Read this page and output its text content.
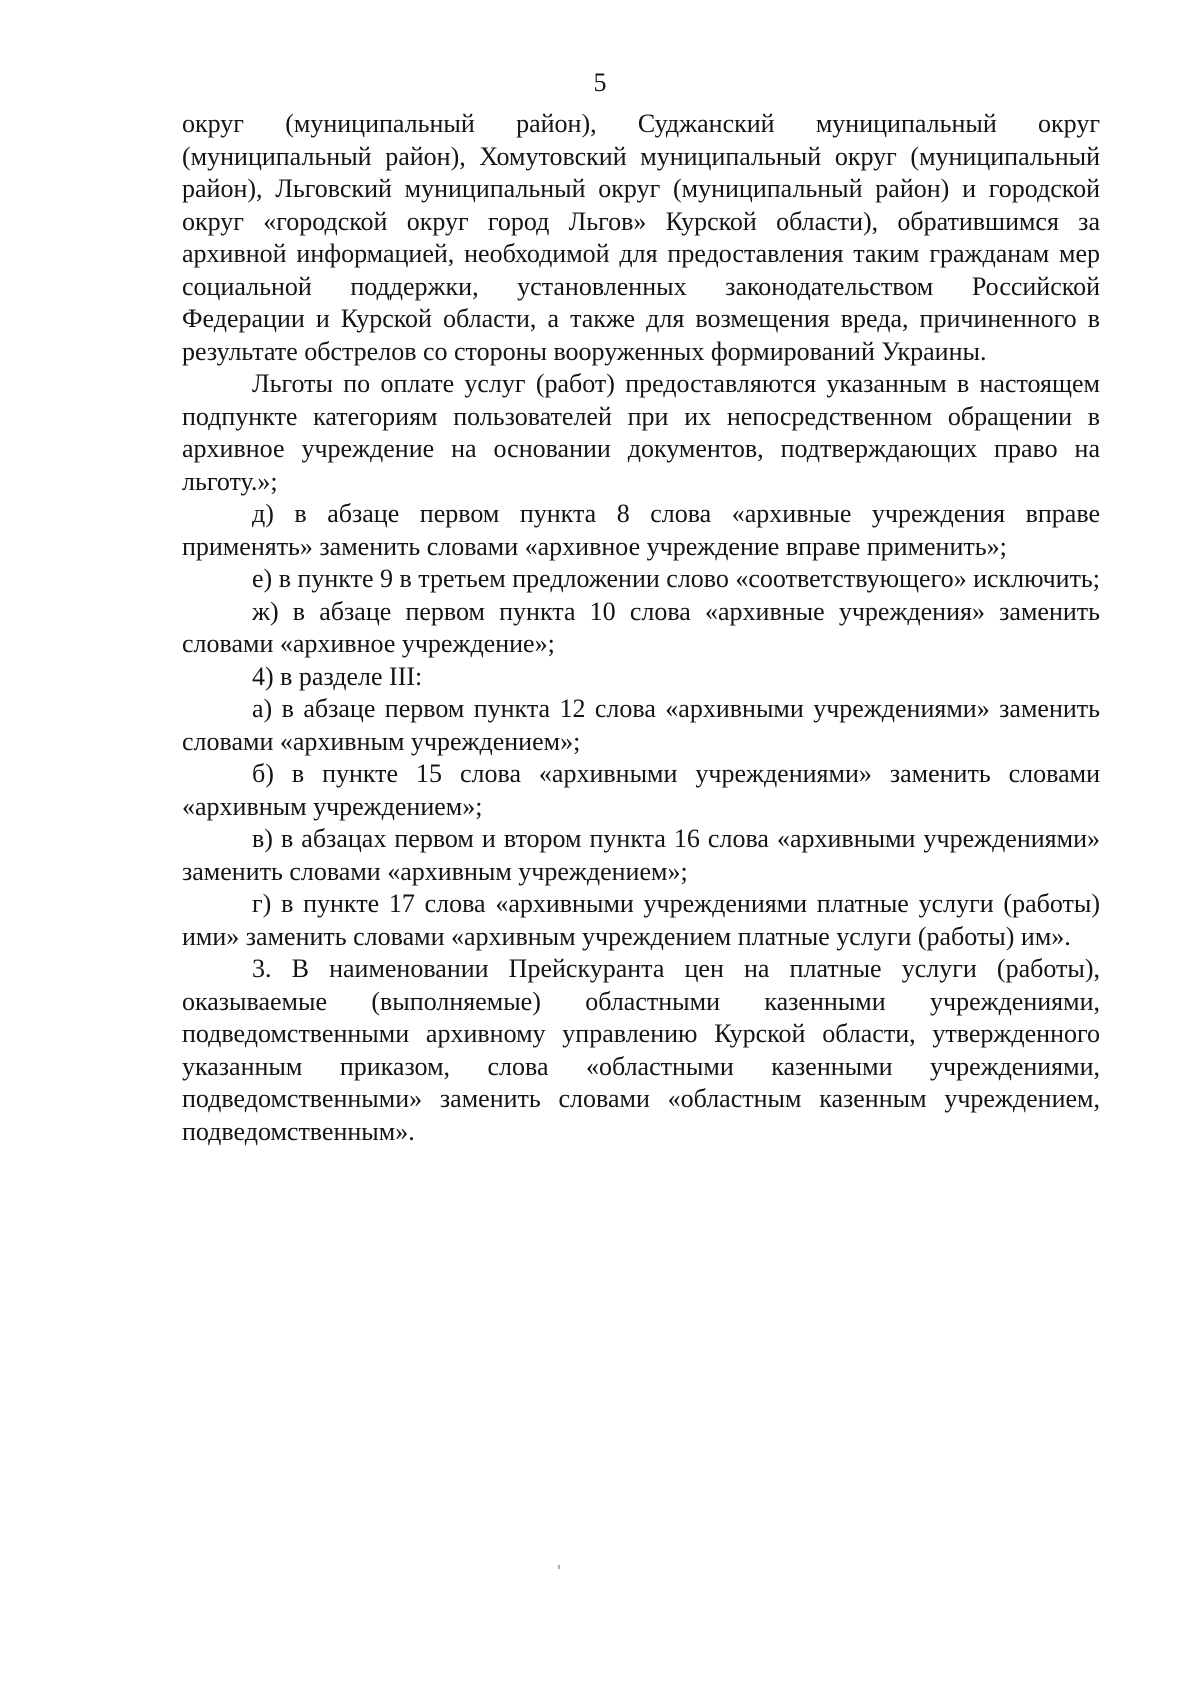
5

округ (муниципальный район), Суджанский муниципальный округ (муниципальный район), Хомутовский муниципальный округ (муниципальный район), Льговский муниципальный округ (муниципальный район) и городской округ «городской округ город Льгов» Курской области), обратившимся за архивной информацией, необходимой для предоставления таким гражданам мер социальной поддержки, установленных законодательством Российской Федерации и Курской области, а также для возмещения вреда, причиненного в результате обстрелов со стороны вооруженных формирований Украины.

Льготы по оплате услуг (работ) предоставляются указанным в настоящем подпункте категориям пользователей при их непосредственном обращении в архивное учреждение на основании документов, подтверждающих право на льготу.»;

д) в абзаце первом пункта 8 слова «архивные учреждения вправе применять» заменить словами «архивное учреждение вправе применить»;

е) в пункте 9 в третьем предложении слово «соответствующего» исключить;

ж) в абзаце первом пункта 10 слова «архивные учреждения» заменить словами «архивное учреждение»;

4) в разделе III:

а) в абзаце первом пункта 12 слова «архивными учреждениями» заменить словами «архивным учреждением»;

б) в пункте 15 слова «архивными учреждениями» заменить словами «архивным учреждением»;

в) в абзацах первом и втором пункта 16 слова «архивными учреждениями» заменить словами «архивным учреждением»;

г) в пункте 17 слова «архивными учреждениями платные услуги (работы) ими» заменить словами «архивным учреждением платные услуги (работы) им».

3. В наименовании Прейскуранта цен на платные услуги (работы), оказываемые (выполняемые) областными казенными учреждениями, подведомственными архивному управлению Курской области, утвержденного указанным приказом, слова «областными казенными учреждениями, подведомственными» заменить словами «областным казенным учреждением, подведомственным».
